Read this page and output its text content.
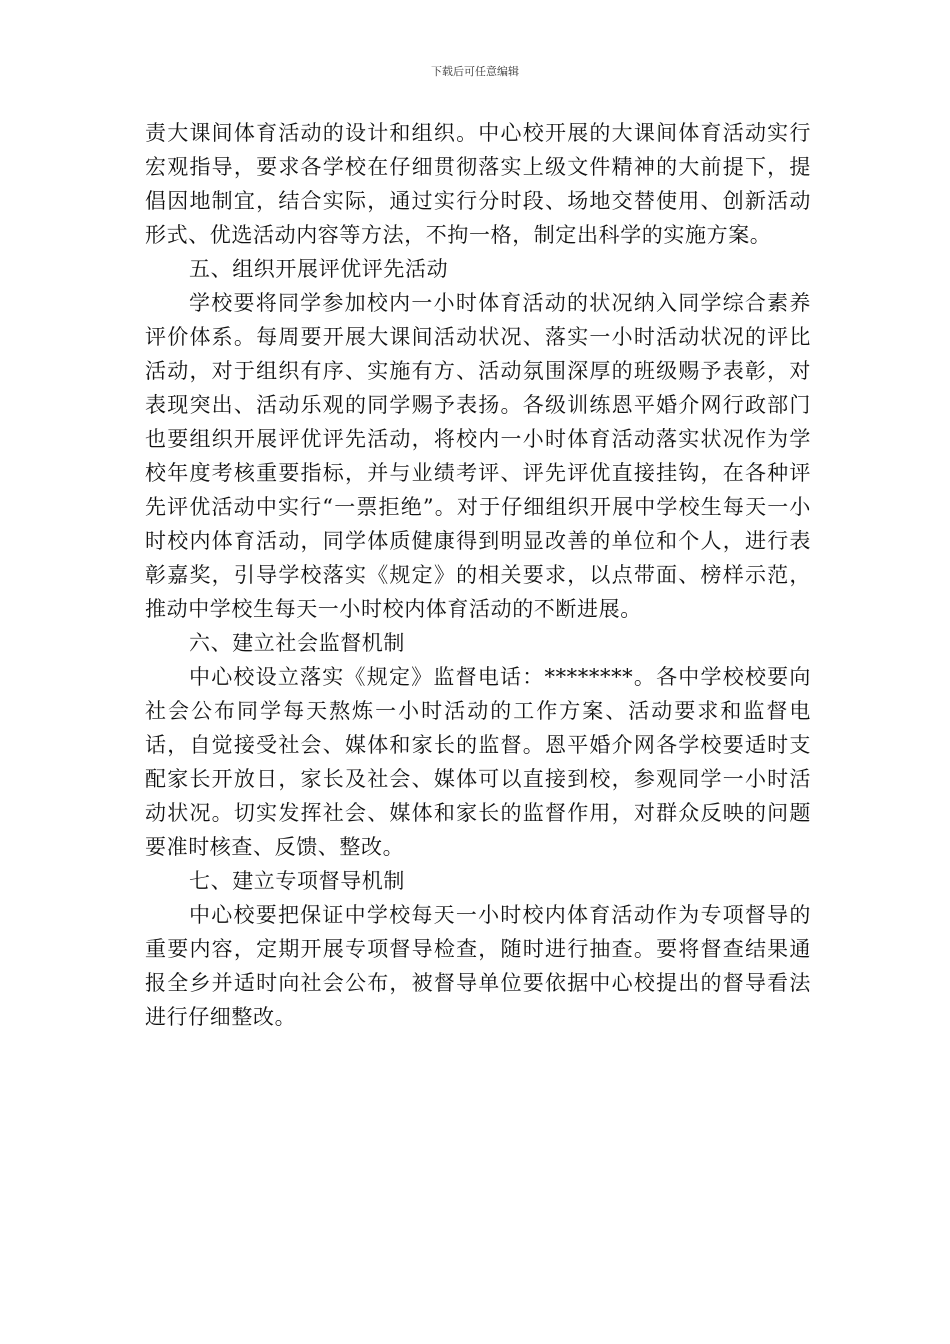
下载后可任意编辑

责大课间体育活动的设计和组织。中心校开展的大课间体育活动实行宏观指导，要求各学校在仔细贯彻落实上级文件精神的大前提下，提倡因地制宜，结合实际，通过实行分时段、场地交替使用、创新活动形式、优选活动内容等方法，不拘一格，制定出科学的实施方案。

五、组织开展评优评先活动

学校要将同学参加校内一小时体育活动的状况纳入同学综合素养评价体系。每周要开展大课间活动状况、落实一小时活动状况的评比活动，对于组织有序、实施有方、活动氛围深厚的班级赐予表彰，对表现突出、活动乐观的同学赐予表扬。各级训练恩平婚介网行政部门也要组织开展评优评先活动，将校内一小时体育活动落实状况作为学校年度考核重要指标，并与业绩考评、评先评优直接挂钩，在各种评先评优活动中实行“一票拒绝”。对于仔细组织开展中学校生每天一小时校内体育活动，同学体质健康得到明显改善的单位和个人，进行表彰嘉奖，引导学校落实《规定》的相关要求，以点带面、榜样示范，推动中学校生每天一小时校内体育活动的不断进展。

六、建立社会监督机制

中心校设立落实《规定》监督电话：********。各中学校校要向社会公布同学每天熬炼一小时活动的工作方案、活动要求和监督电话，自觉接受社会、媒体和家长的监督。恩平婚介网各学校要适时支配家长开放日，家长及社会、媒体可以直接到校，参观同学一小时活动状况。切实发挥社会、媒体和家长的监督作用，对群众反映的问题要准时核查、反馈、整改。

七、建立专项督导机制

中心校要把保证中学校每天一小时校内体育活动作为专项督导的重要内容，定期开展专项督导检查，随时进行抽查。要将督查结果通报全乡并适时向社会公布，被督导单位要依据中心校提出的督导看法进行仔细整改。
